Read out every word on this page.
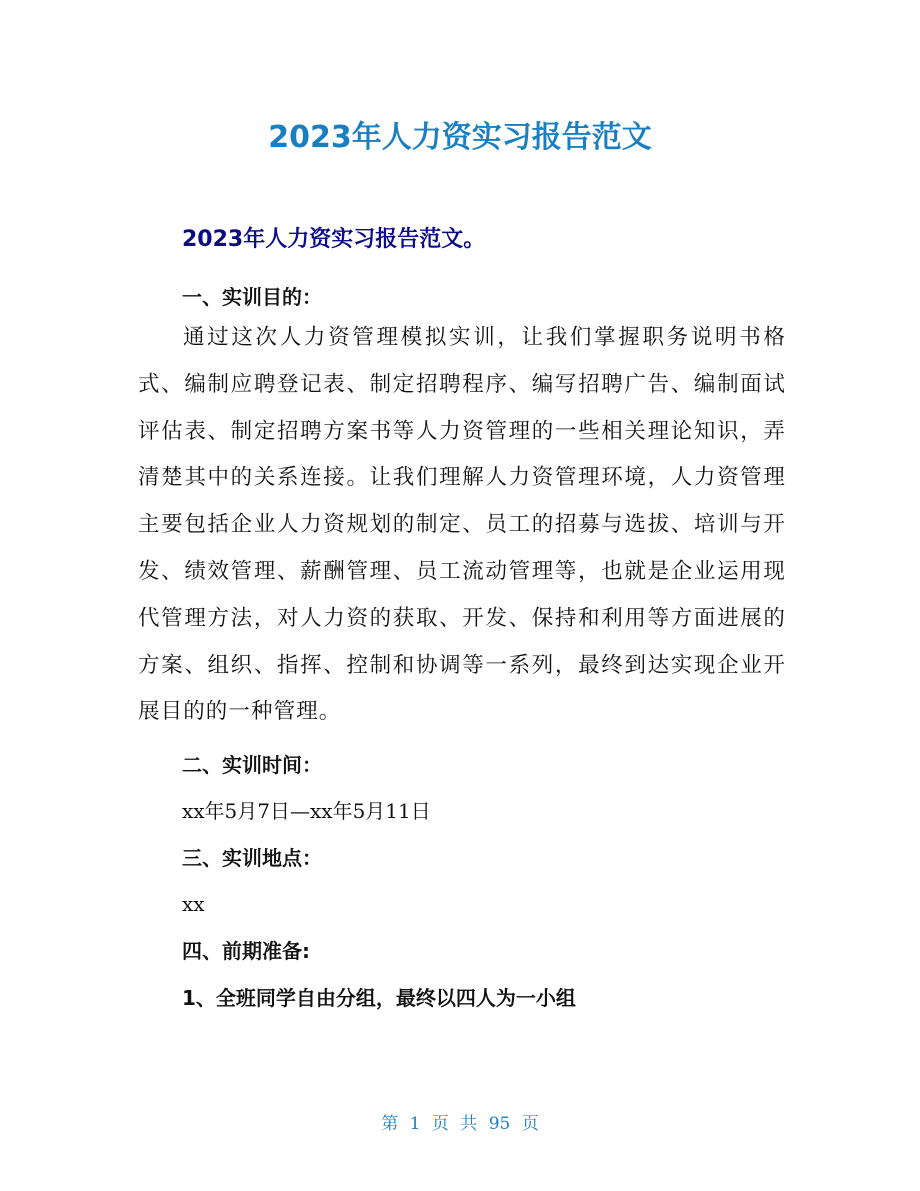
2023年人力资实习报告范文
2023年人力资实习报告范文。
一、实训目的：
通过这次人力资管理模拟实训，让我们掌握职务说明书格式、编制应聘登记表、制定招聘程序、编写招聘广告、编制面试评估表、制定招聘方案书等人力资管理的一些相关理论知识，弄清楚其中的关系连接。让我们理解人力资管理环境，人力资管理主要包括企业人力资规划的制定、员工的招募与选拔、培训与开发、绩效管理、薪酬管理、员工流动管理等，也就是企业运用现代管理方法，对人力资的获取、开发、保持和利用等方面进展的方案、组织、指挥、控制和协调等一系列，最终到达实现企业开展目的的一种管理。
二、实训时间：
xx年5月7日—xx年5月11日
三、实训地点：
xx
四、前期准备:
1、全班同学自由分组，最终以四人为一小组
第 1 页 共 95 页
